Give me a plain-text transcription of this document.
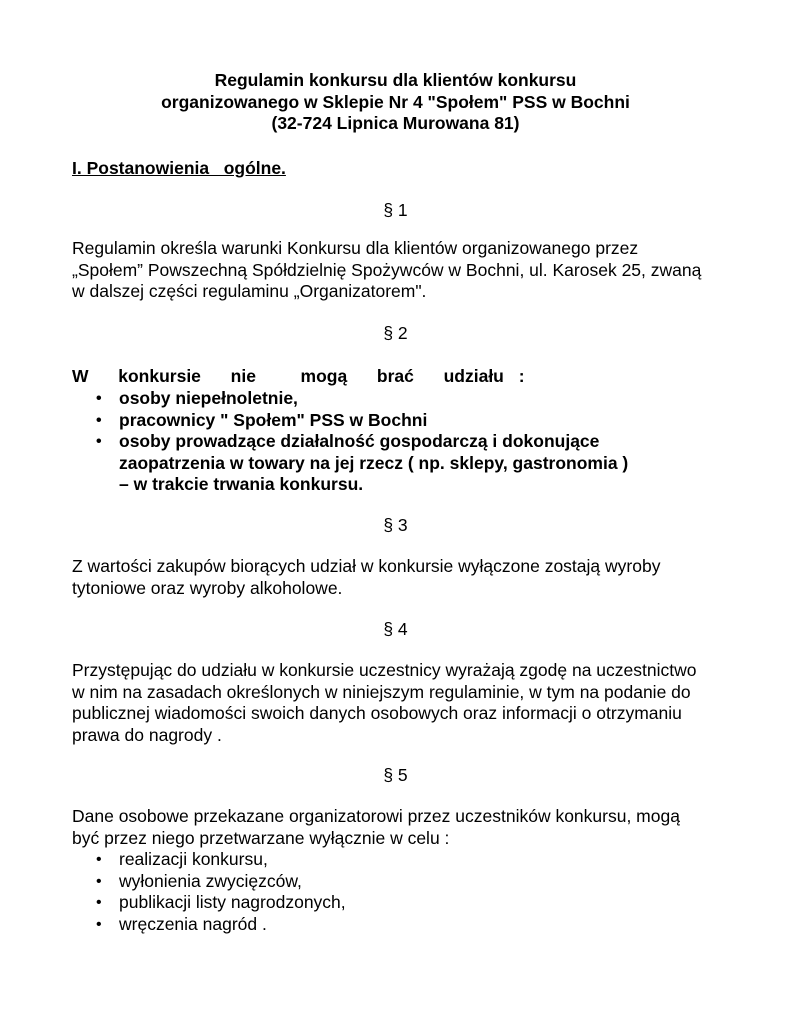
Regulamin konkursu dla klientów konkursu
organizowanego w Sklepie Nr 4 "Społem" PSS w Bochni
(32-724 Lipnica Murowana 81)
I. Postanowienia   ogólne.
§ 1
Regulamin określa warunki Konkursu dla klientów organizowanego przez
„Społem” Powszechną Spółdzielnię Spożywców w Bochni, ul. Karosek 25, zwaną
w dalszej części regulaminu „Organizatorem".
§ 2
W  konkursie  nie   mogą  brać  udziału :
• osoby niepełnoletnie,
• pracownicy " Społem" PSS w Bochni
• osoby prowadzące działalność gospodarczą i dokonujące
zaopatrzenia w towary na jej rzecz ( np. sklepy, gastronomia )
– w trakcie trwania konkursu.
§ 3
Z wartości zakupów biorących udział w konkursie wyłączone zostają wyroby
tytoniowe oraz wyroby alkoholowe.
§ 4
Przystępując do udziału w konkursie uczestnicy wyrażają zgodę na uczestnictwo
w nim na zasadach określonych w niniejszym regulaminie, w tym na podanie do
publicznej wiadomości swoich danych osobowych oraz informacji o otrzymaniu
prawa do nagrody .
§ 5
Dane osobowe przekazane organizatorowi przez uczestników konkursu, mogą
być przez niego przetwarzane wyłącznie w celu :
• realizacji konkursu,
• wyłonienia zwycięzców,
• publikacji listy nagrodzonych,
• wręczenia nagród .
